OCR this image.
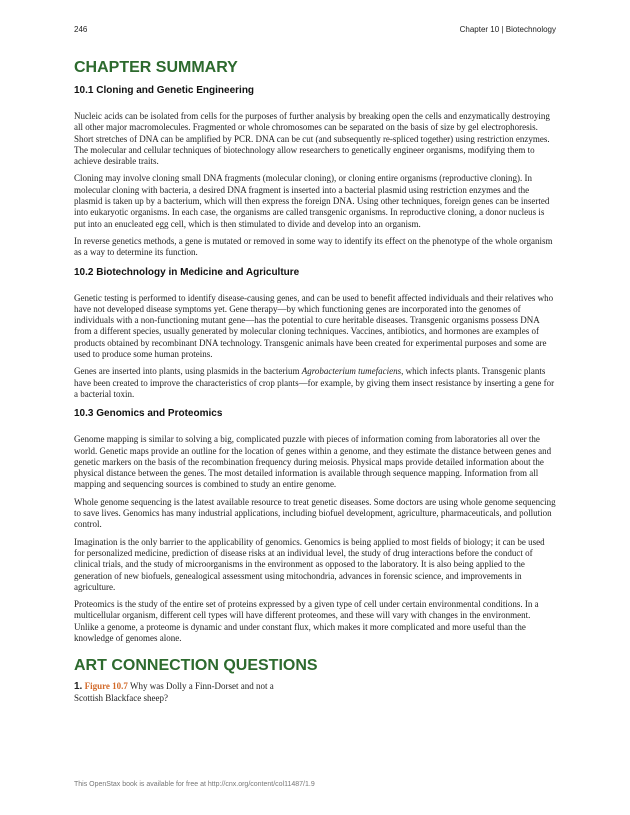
246	Chapter 10 | Biotechnology
CHAPTER SUMMARY
10.1 Cloning and Genetic Engineering

Nucleic acids can be isolated from cells for the purposes of further analysis by breaking open the cells and enzymatically destroying all other major macromolecules. Fragmented or whole chromosomes can be separated on the basis of size by gel electrophoresis. Short stretches of DNA can be amplified by PCR. DNA can be cut (and subsequently re-spliced together) using restriction enzymes. The molecular and cellular techniques of biotechnology allow researchers to genetically engineer organisms, modifying them to achieve desirable traits.

Cloning may involve cloning small DNA fragments (molecular cloning), or cloning entire organisms (reproductive cloning). In molecular cloning with bacteria, a desired DNA fragment is inserted into a bacterial plasmid using restriction enzymes and the plasmid is taken up by a bacterium, which will then express the foreign DNA. Using other techniques, foreign genes can be inserted into eukaryotic organisms. In each case, the organisms are called transgenic organisms. In reproductive cloning, a donor nucleus is put into an enucleated egg cell, which is then stimulated to divide and develop into an organism.

In reverse genetics methods, a gene is mutated or removed in some way to identify its effect on the phenotype of the whole organism as a way to determine its function.

10.2 Biotechnology in Medicine and Agriculture

Genetic testing is performed to identify disease-causing genes, and can be used to benefit affected individuals and their relatives who have not developed disease symptoms yet. Gene therapy—by which functioning genes are incorporated into the genomes of individuals with a non-functioning mutant gene—has the potential to cure heritable diseases. Transgenic organisms possess DNA from a different species, usually generated by molecular cloning techniques. Vaccines, antibiotics, and hormones are examples of products obtained by recombinant DNA technology. Transgenic animals have been created for experimental purposes and some are used to produce some human proteins.

Genes are inserted into plants, using plasmids in the bacterium Agrobacterium tumefaciens, which infects plants. Transgenic plants have been created to improve the characteristics of crop plants—for example, by giving them insect resistance by inserting a gene for a bacterial toxin.

10.3 Genomics and Proteomics

Genome mapping is similar to solving a big, complicated puzzle with pieces of information coming from laboratories all over the world. Genetic maps provide an outline for the location of genes within a genome, and they estimate the distance between genes and genetic markers on the basis of the recombination frequency during meiosis. Physical maps provide detailed information about the physical distance between the genes. The most detailed information is available through sequence mapping. Information from all mapping and sequencing sources is combined to study an entire genome.

Whole genome sequencing is the latest available resource to treat genetic diseases. Some doctors are using whole genome sequencing to save lives. Genomics has many industrial applications, including biofuel development, agriculture, pharmaceuticals, and pollution control.

Imagination is the only barrier to the applicability of genomics. Genomics is being applied to most fields of biology; it can be used for personalized medicine, prediction of disease risks at an individual level, the study of drug interactions before the conduct of clinical trials, and the study of microorganisms in the environment as opposed to the laboratory. It is also being applied to the generation of new biofuels, genealogical assessment using mitochondria, advances in forensic science, and improvements in agriculture.

Proteomics is the study of the entire set of proteins expressed by a given type of cell under certain environmental conditions. In a multicellular organism, different cell types will have different proteomes, and these will vary with changes in the environment. Unlike a genome, a proteome is dynamic and under constant flux, which makes it more complicated and more useful than the knowledge of genomes alone.

ART CONNECTION QUESTIONS

1. Figure 10.7 Why was Dolly a Finn-Dorset and not a Scottish Blackface sheep?

This OpenStax book is available for free at http://cnx.org/content/col11487/1.9
